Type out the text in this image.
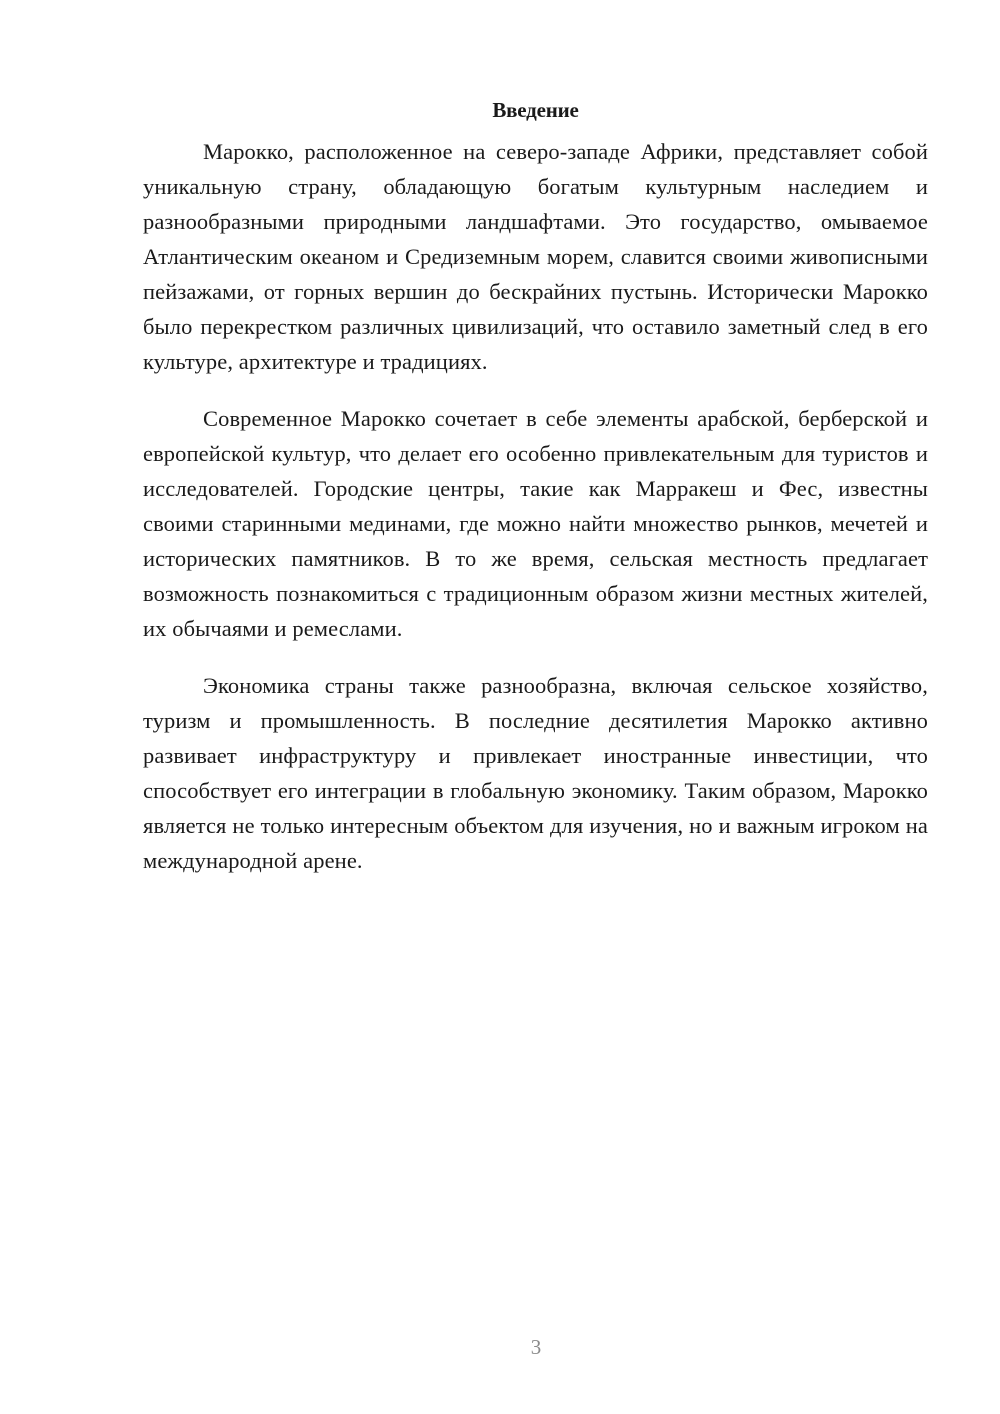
Введение

Марокко, расположенное на северо-западе Африки, представляет собой уникальную страну, обладающую богатым культурным наследием и разнообразными природными ландшафтами. Это государство, омываемое Атлантическим океаном и Средиземным морем, славится своими живописными пейзажами, от горных вершин до бескрайних пустынь. Исторически Марокко было перекрестком различных цивилизаций, что оставило заметный след в его культуре, архитектуре и традициях.

Современное Марокко сочетает в себе элементы арабской, берберской и европейской культур, что делает его особенно привлекательным для туристов и исследователей. Городские центры, такие как Марракеш и Фес, известны своими старинными мединами, где можно найти множество рынков, мечетей и исторических памятников. В то же время, сельская местность предлагает возможность познакомиться с традиционным образом жизни местных жителей, их обычаями и ремеслами.

Экономика страны также разнообразна, включая сельское хозяйство, туризм и промышленность. В последние десятилетия Марокко активно развивает инфраструктуру и привлекает иностранные инвестиции, что способствует его интеграции в глобальную экономику. Таким образом, Марокко является не только интересным объектом для изучения, но и важным игроком на международной арене.

3
